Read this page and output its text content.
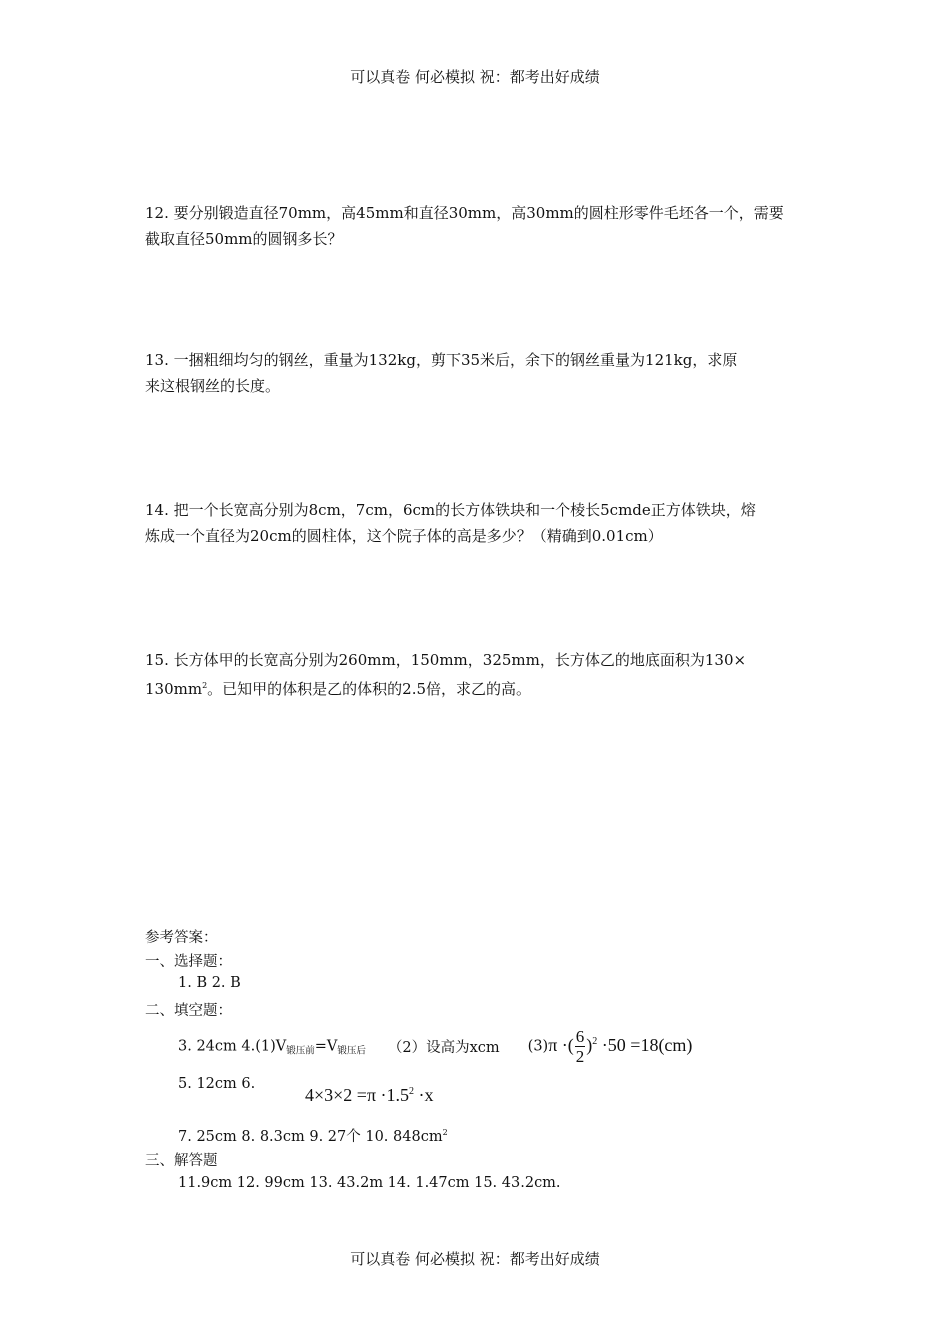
可以真卷 何必模拟 祝：都考出好成绩
12. 要分别锻造直径70mm，高45mm和直径30mm，高30mm的圆柱形零件毛坯各一个，需要
截取直径50mm的圆钢多长？
13. 一捆粗细均匀的钢丝，重量为132kg，剪下35米后，余下的钢丝重量为121kg，求原
来这根钢丝的长度。
14. 把一个长宽高分别为8cm，7cm，6cm的长方体铁块和一个棱长5cmde正方体铁块，熔
炼成一个直径为20cm的圆柱体，这个院子体的高是多少？（精确到0.01cm）
15. 长方体甲的长宽高分别为260mm，150mm，325mm，长方体乙的地底面积为130×
$130mm^2$。已知甲的体积是乙的体积的2.5倍，求乙的高。
参考答案：
一、选择题：
1. B 2. B
二、填空题：
3. 24cm $4.(1)V_{锻压前}=V_{锻压后}$ （2）设高为xcm (3)π ·( $\frac{6}{2} )^2 \cdot 50 =18(cm)$
5. 12cm 6.
$4\times 3\times 2 =\pi \cdot 1.5^2 \cdot x$
7. 25cm 8. 8.3cm 9. 27个 10. $848cm^2$
三、解答题
11.9cm 12. 99cm 13. 43.2m 14. 1.47cm 15. 43.2cm.
可以真卷 何必模拟 祝：都考出好成绩
